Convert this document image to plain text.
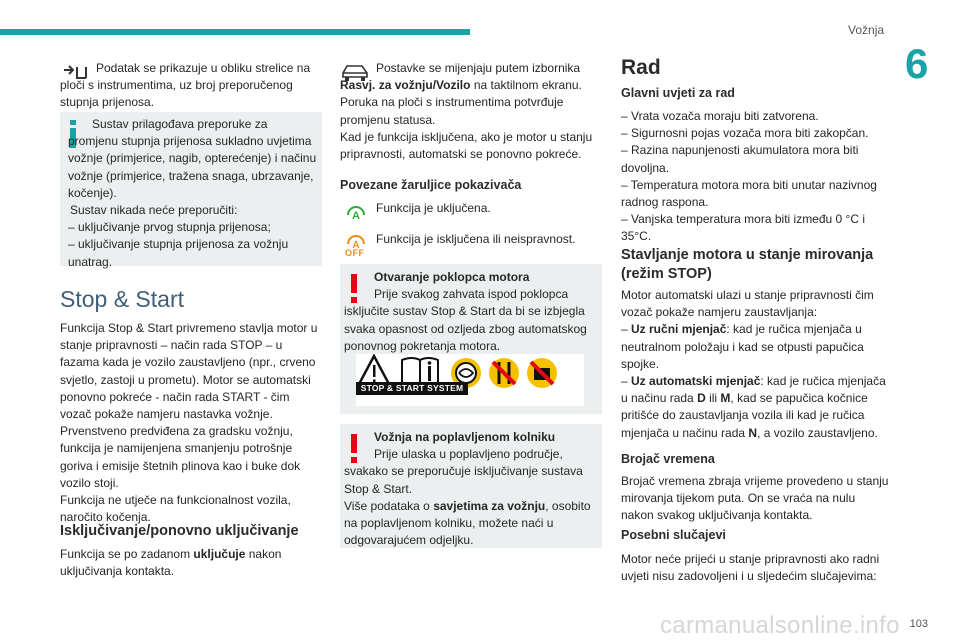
Vožnja
6

Podatak se prikazuje u obliku strelice na ploči s instrumentima, uz broj preporučenog stupnja prijenosa.

Sustav prilagođava preporuke za promjenu stupnja prijenosa sukladno uvjetima vožnje (primjerice, nagib, opterećenje) i načinu vožnje (primjerice, tražena snaga, ubrzavanje, kočenje).
Sustav nikada neće preporučiti:
– uključivanje prvog stupnja prijenosa;
– uključivanje stupnja prijenosa za vožnju unatrag.
Stop & Start

Funkcija Stop & Start privremeno stavlja motor u stanje pripravnosti – način rada STOP – u fazama kada je vozilo zaustavljeno (npr., crveno svjetlo, zastoji u prometu). Motor se automatski ponovno pokreće - način rada START - čim vozač pokaže namjeru nastavka vožnje.

Prvenstveno predviđena za gradsku vožnju, funkcija je namijenjena smanjenju potrošnje goriva i emisije štetnih plinova kao i buke dok vozilo stoji.

Funkcija ne utječe na funkcionalnost vozila, naročito kočenja.

Isključivanje/ponovno uključivanje

Funkcija se po zadanom uključuje nakon uključivanja kontakta.

Postavke se mijenjaju putem izbornika Rasvj. za vožnju/Vozilo na taktilnom ekranu.

Poruka na ploči s instrumentima potvrđuje promjenu statusa.

Kad je funkcija isključena, ako je motor u stanju pripravnosti, automatski se ponovno pokreće.

Povezane žaruljice pokazivača
A
Funkcija je uključena.
A
OFF
Funkcija je isključena ili neispravnost.
Otvaranje poklopca motora
Prije svakog zahvata ispod poklopca isključite sustav Stop & Start da bi se izbjegla svaka opasnost od ozljeda zbog automatskog ponovnog pokretanja motora.
STOP & START SYSTEM
Vožnja na poplavljenom kolniku
Prije ulaska u poplavljeno područje, svakako se preporučuje isključivanje sustava Stop & Start.
Više podataka o savjetima za vožnju, osobito na poplavljenom kolniku, možete naći u odgovarajućem odjeljku.
Rad
Glavni uvjeti za rad
– Vrata vozača moraju biti zatvorena.
– Sigurnosni pojas vozača mora biti zakopčan.
– Razina napunjenosti akumulatora mora biti dovoljna.
– Temperatura motora mora biti unutar nazivnog radnog raspona.
– Vanjska temperatura mora biti između 0 °C i 35°C.
Stavljanje motora u stanje mirovanja (režim STOP)

Motor automatski ulazi u stanje pripravnosti čim vozač pokaže namjeru zaustavljanja:

– Uz ručni mjenjač: kad je ručica mjenjača u neutralnom položaju i kad se otpusti papučica spojke.

– Uz automatski mjenjač: kad je ručica mjenjača u načinu rada D ili M, kad se papučica kočnice pritišće do zaustavljanja vozila ili kad je ručica mjenjača u načinu rada N, a vozilo zaustavljeno.

Brojač vremena

Brojač vremena zbraja vrijeme provedeno u stanju mirovanja tijekom puta. On se vraća na nulu nakon svakog uključivanja kontakta.

Posebni slučajevi

Motor neće prijeći u stanje pripravnosti ako radni uvjeti nisu zadovoljeni i u sljedećim slučajevima:

carmanualsonline.info 103
